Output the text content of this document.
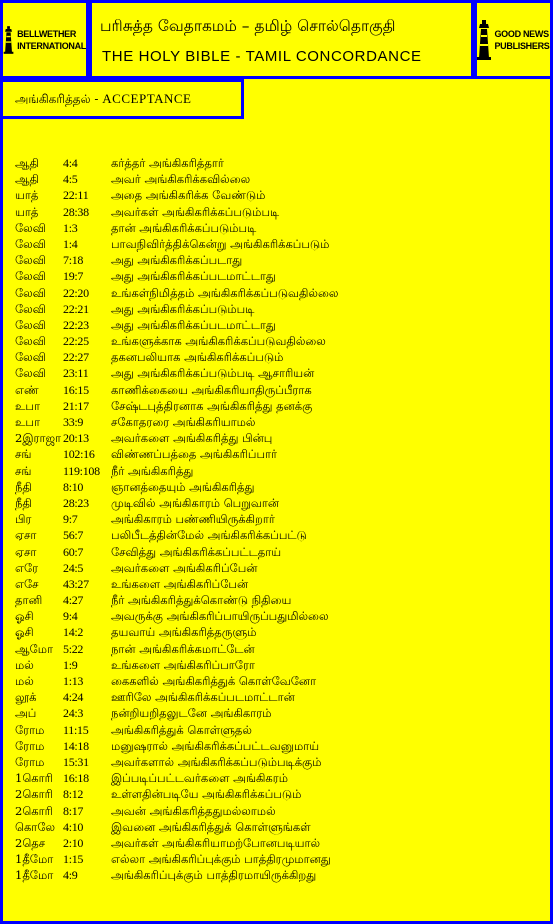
BELLWETHER
INTERNATIONAL
பரிசுத்த வேதாகமம் – தமிழ் சொல்தொகுதி
THE HOLY BIBLE - TAMIL CONCORDANCE
GOOD NEWS
PUBLISHERS
அங்கிகரித்தல் - ACCEPTANCE
ஆதி 4:4	கர்த்தர் அங்கிகரித்தார்
ஆதி 4:5	அவர் அங்கிகரிக்கவில்லை
யாத் 22:11 அதை அங்கிகரிக்க வேண்டும்
யாத் 28:38 அவர்கள் அங்கிகரிக்கப்படும்படி
லேவி 1:3	தான் அங்கிகரிக்கப்படும்படி
லேவி 1:4	பாவநிவிர்த்திக்கென்று அங்கிகரிக்கப்படும்
லேவி 7:18 அது அங்கிகரிக்கப்படாது
லேவி 19:7 அது அங்கிகரிக்கப்படமாட்டாது
லேவி 22:20 உங்கள்நிமித்தம் அங்கிகரிக்கப்படுவதில்லை
லேவி 22:21 அது அங்கிகரிக்கப்படும்படி
லேவி 22:23 அது அங்கிகரிக்கப்படமாட்டாது
லேவி 22:25 உங்களுக்காக அங்கிகரிக்கப்படுவதில்லை
லேவி 22:27 தகனபலியாக அங்கிகரிக்கப்படும்
லேவி 23:11 அது அங்கிகரிக்கப்படும்படி ஆசாரியன்
எண் 16:15 காணிக்கையை அங்கிகரியாதிருப்பீராக
உபா 21:17 சேஷ்டபுத்திரனாக அங்கிகரித்து தனக்கு
உபா 33:9 சகோதரரை அங்கிகரியாமல்
2இராஜா 20:13 அவர்களை அங்கிகரித்து பின்பு
சங்	102:16 விண்ணப்பத்தை அங்கிகரிப்பார்
சங்	119:108 நீர் அங்கிகரித்து
நீதி	8:10 ஞானத்தையும் அங்கிகரித்து
நீதி	28:23 முடிவில் அங்கிகாரம் பெறுவான்
பிர	9:7	அங்கிகாரம் பண்ணியிருக்கிறார்
ஏசா 56:7 பலிபீடத்தின்மேல் அங்கிகரிக்கப்பட்டு
ஏசா 60:7 சேவித்து அங்கிகரிக்கப்பட்டதாய்
எரே 24:5 அவர்களை அங்கிகரிப்பேன்
எசே 43:27 உங்களை அங்கிகரிப்பேன்
தானி 4:27 நீர் அங்கிகரித்துக்கொண்டு நிதியை
ஓசி 9:4	அவருக்கு அங்கிகரிப்பாயிருப்பதுமில்லை
ஓசி 14:2 தயவாய் அங்கிகரித்தருளும்
ஆமோ 5:22 நான் அங்கிகரிக்கமாட்டேன்
மல் 1:9	உங்களை அங்கிகரிப்பாரோ
மல் 1:13 கைகளில் அங்கிகரித்துக் கொள்வேனோ
லூக் 4:24 ஊரிலே அங்கிகரிக்கப்படமாட்டான்
அப் 24:3 நன்றியறிதலுடனே அங்கிகாரம்
ரோம 11:15 அங்கிகரித்துக் கொள்ளுதல்
ரோம 14:18 மனுஷரால் அங்கிகரிக்கப்பட்டவனுமாய்
ரோம 15:31 அவர்களால் அங்கிகரிக்கப்படும்படிக்கும்
1கொரி 16:18 இப்படிப்பட்டவர்களை அங்கிகரம்
2கொரி 8:12 உள்ளதின்படியே அங்கிகரிக்கப்படும்
2கொரி 8:17 அவன் அங்கிகரித்ததுமல்லாமல்
கொலே 4:10 இவனை அங்கிகரித்துக் கொள்ளுங்கள்
2தெச 2:10 அவர்கள் அங்கிகரியாமற்போனபடியால்
1தீமோ 1:15 எல்லா அங்கிகரிப்புக்கும் பாத்திரமுமானது
1தீமோ 4:9	அங்கிகரிப்புக்கும் பாத்திரமாயிருக்கிறது
